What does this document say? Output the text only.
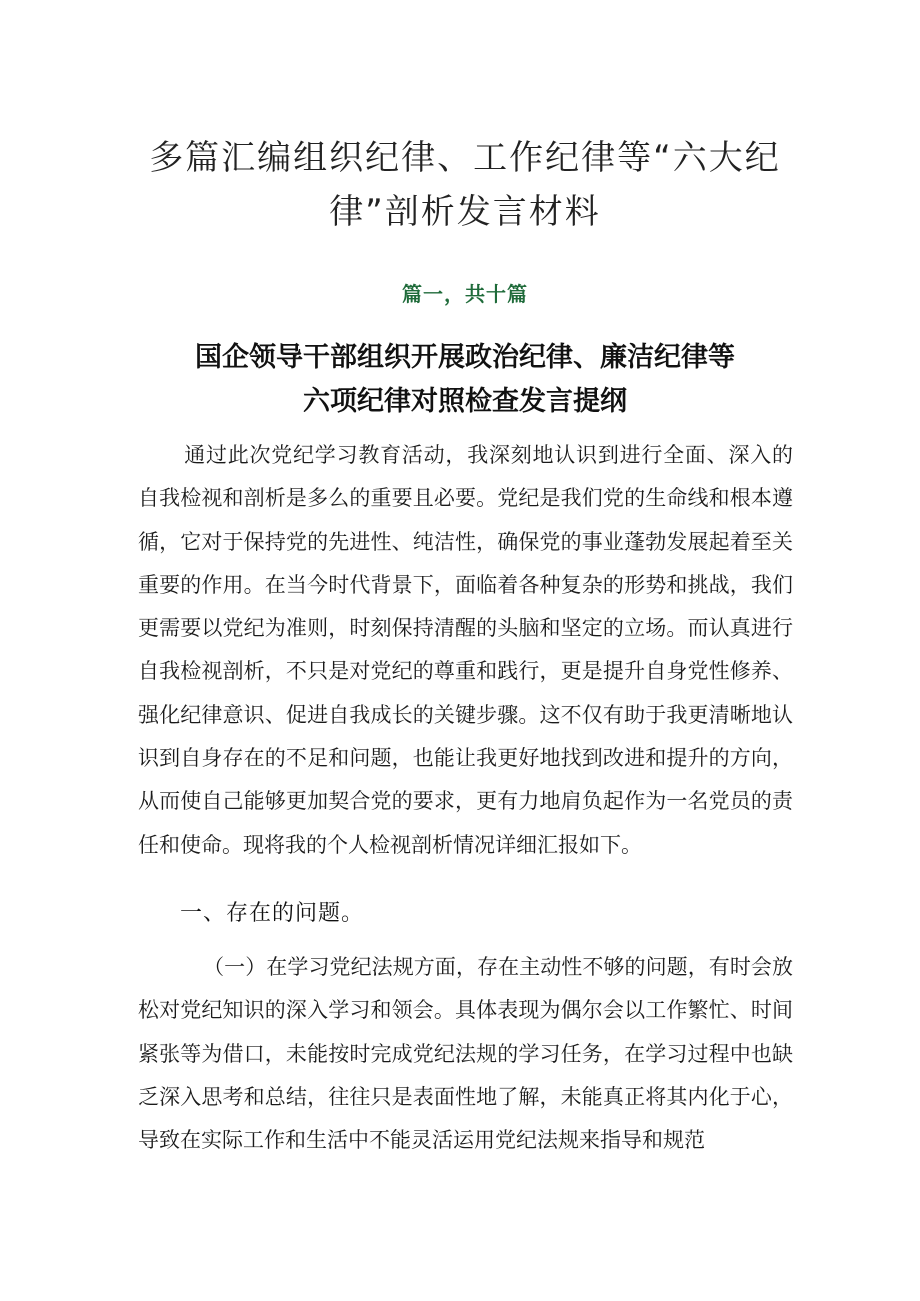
多篇汇编组织纪律、工作纪律等“六大纪律”剖析发言材料
篇一，共十篇
国企领导干部组织开展政治纪律、廉洁纪律等
六项纪律对照检查发言提纲

通过此次党纪学习教育活动，我深刻地认识到进行全面、深入的自我检视和剖析是多么的重要且必要。党纪是我们党的生命线和根本遵循，它对于保持党的先进性、纯洁性，确保党的事业蓬勃发展起着至关重要的作用。在当今时代背景下，面临着各种复杂的形势和挑战，我们更需要以党纪为准则，时刻保持清醒的头脑和坚定的立场。而认真进行自我检视剖析，不只是对党纪的尊重和践行，更是提升自身党性修养、强化纪律意识、促进自我成长的关键步骤。这不仅有助于我更清晰地认识到自身存在的不足和问题，也能让我更好地找到改进和提升的方向，从而使自己能够更加契合党的要求，更有力地肩负起作为一名党员的责任和使命。现将我的个人检视剖析情况详细汇报如下。

一、存在的问题。

（一）在学习党纪法规方面，存在主动性不够的问题，有时会放松对党纪知识的深入学习和领会。具体表现为偶尔会以工作繁忙、时间紧张等为借口，未能按时完成党纪法规的学习任务，在学习过程中也缺乏深入思考和总结，往往只是表面性地了解，未能真正将其内化于心，导致在实际工作和生活中不能灵活运用党纪法规来指导和规范
